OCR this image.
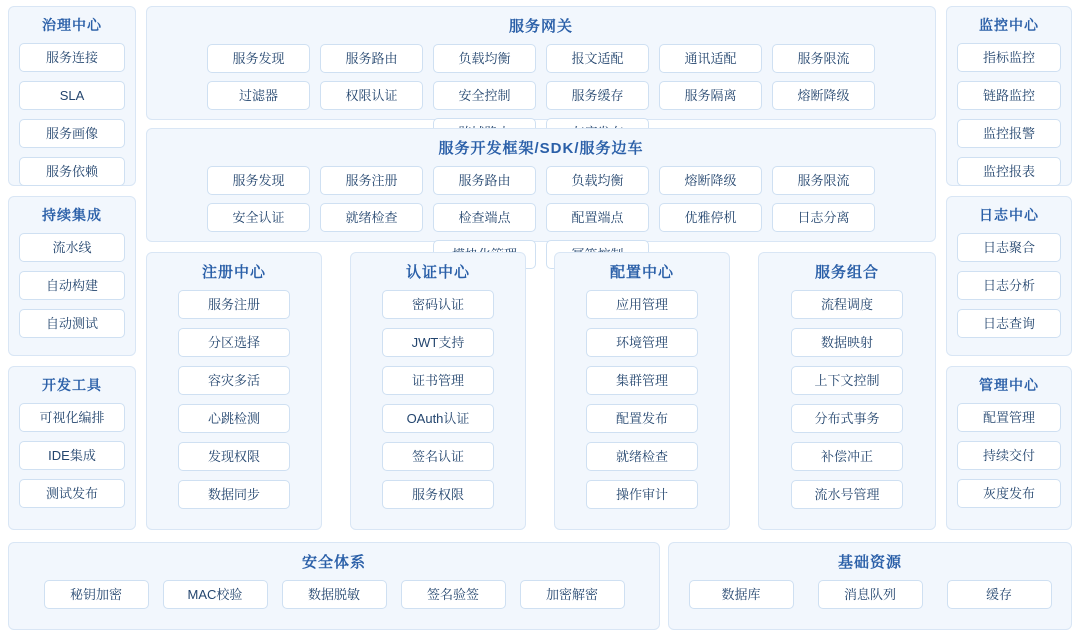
治理中心
服务连接
SLA
服务画像
服务依赖
服务网关
服务发现	服务路由	负载均衡	报文适配	通讯适配	服务限流
过滤器	权限认证	安全控制	服务缓存	服务隔离	熔断降级
监控中心
指标监控
链路监控
监控报警
监控报表
服务开发框架/SDK/服务边车
服务发现	服务注册	服务路由	负载均衡	熔断降级	服务限流
安全认证	就绪检查	检查端点	配置端点	优雅停机	日志分离
持续集成
流水线
自动构建
自动测试
开发工具
可视化编排
IDE集成
测试发布
日志中心
日志聚合
日志分析
日志查询
管理中心
配置管理
持续交付
灰度发布
注册中心
服务注册
分区选择
容灾多活
心跳检测
发现权限
数据同步
认证中心
密码认证
JWT支持
证书管理
OAuth认证
签名认证
服务权限
配置中心
应用管理
环境管理
集群管理
配置发布
就绪检查
操作审计
服务组合
流程调度
数据映射
上下文控制
分布式事务
补偿冲正
流水号管理
安全体系
秘钥加密	MAC校验	数据脱敏	签名验签	加密解密
基础资源
数据库	消息队列	缓存
